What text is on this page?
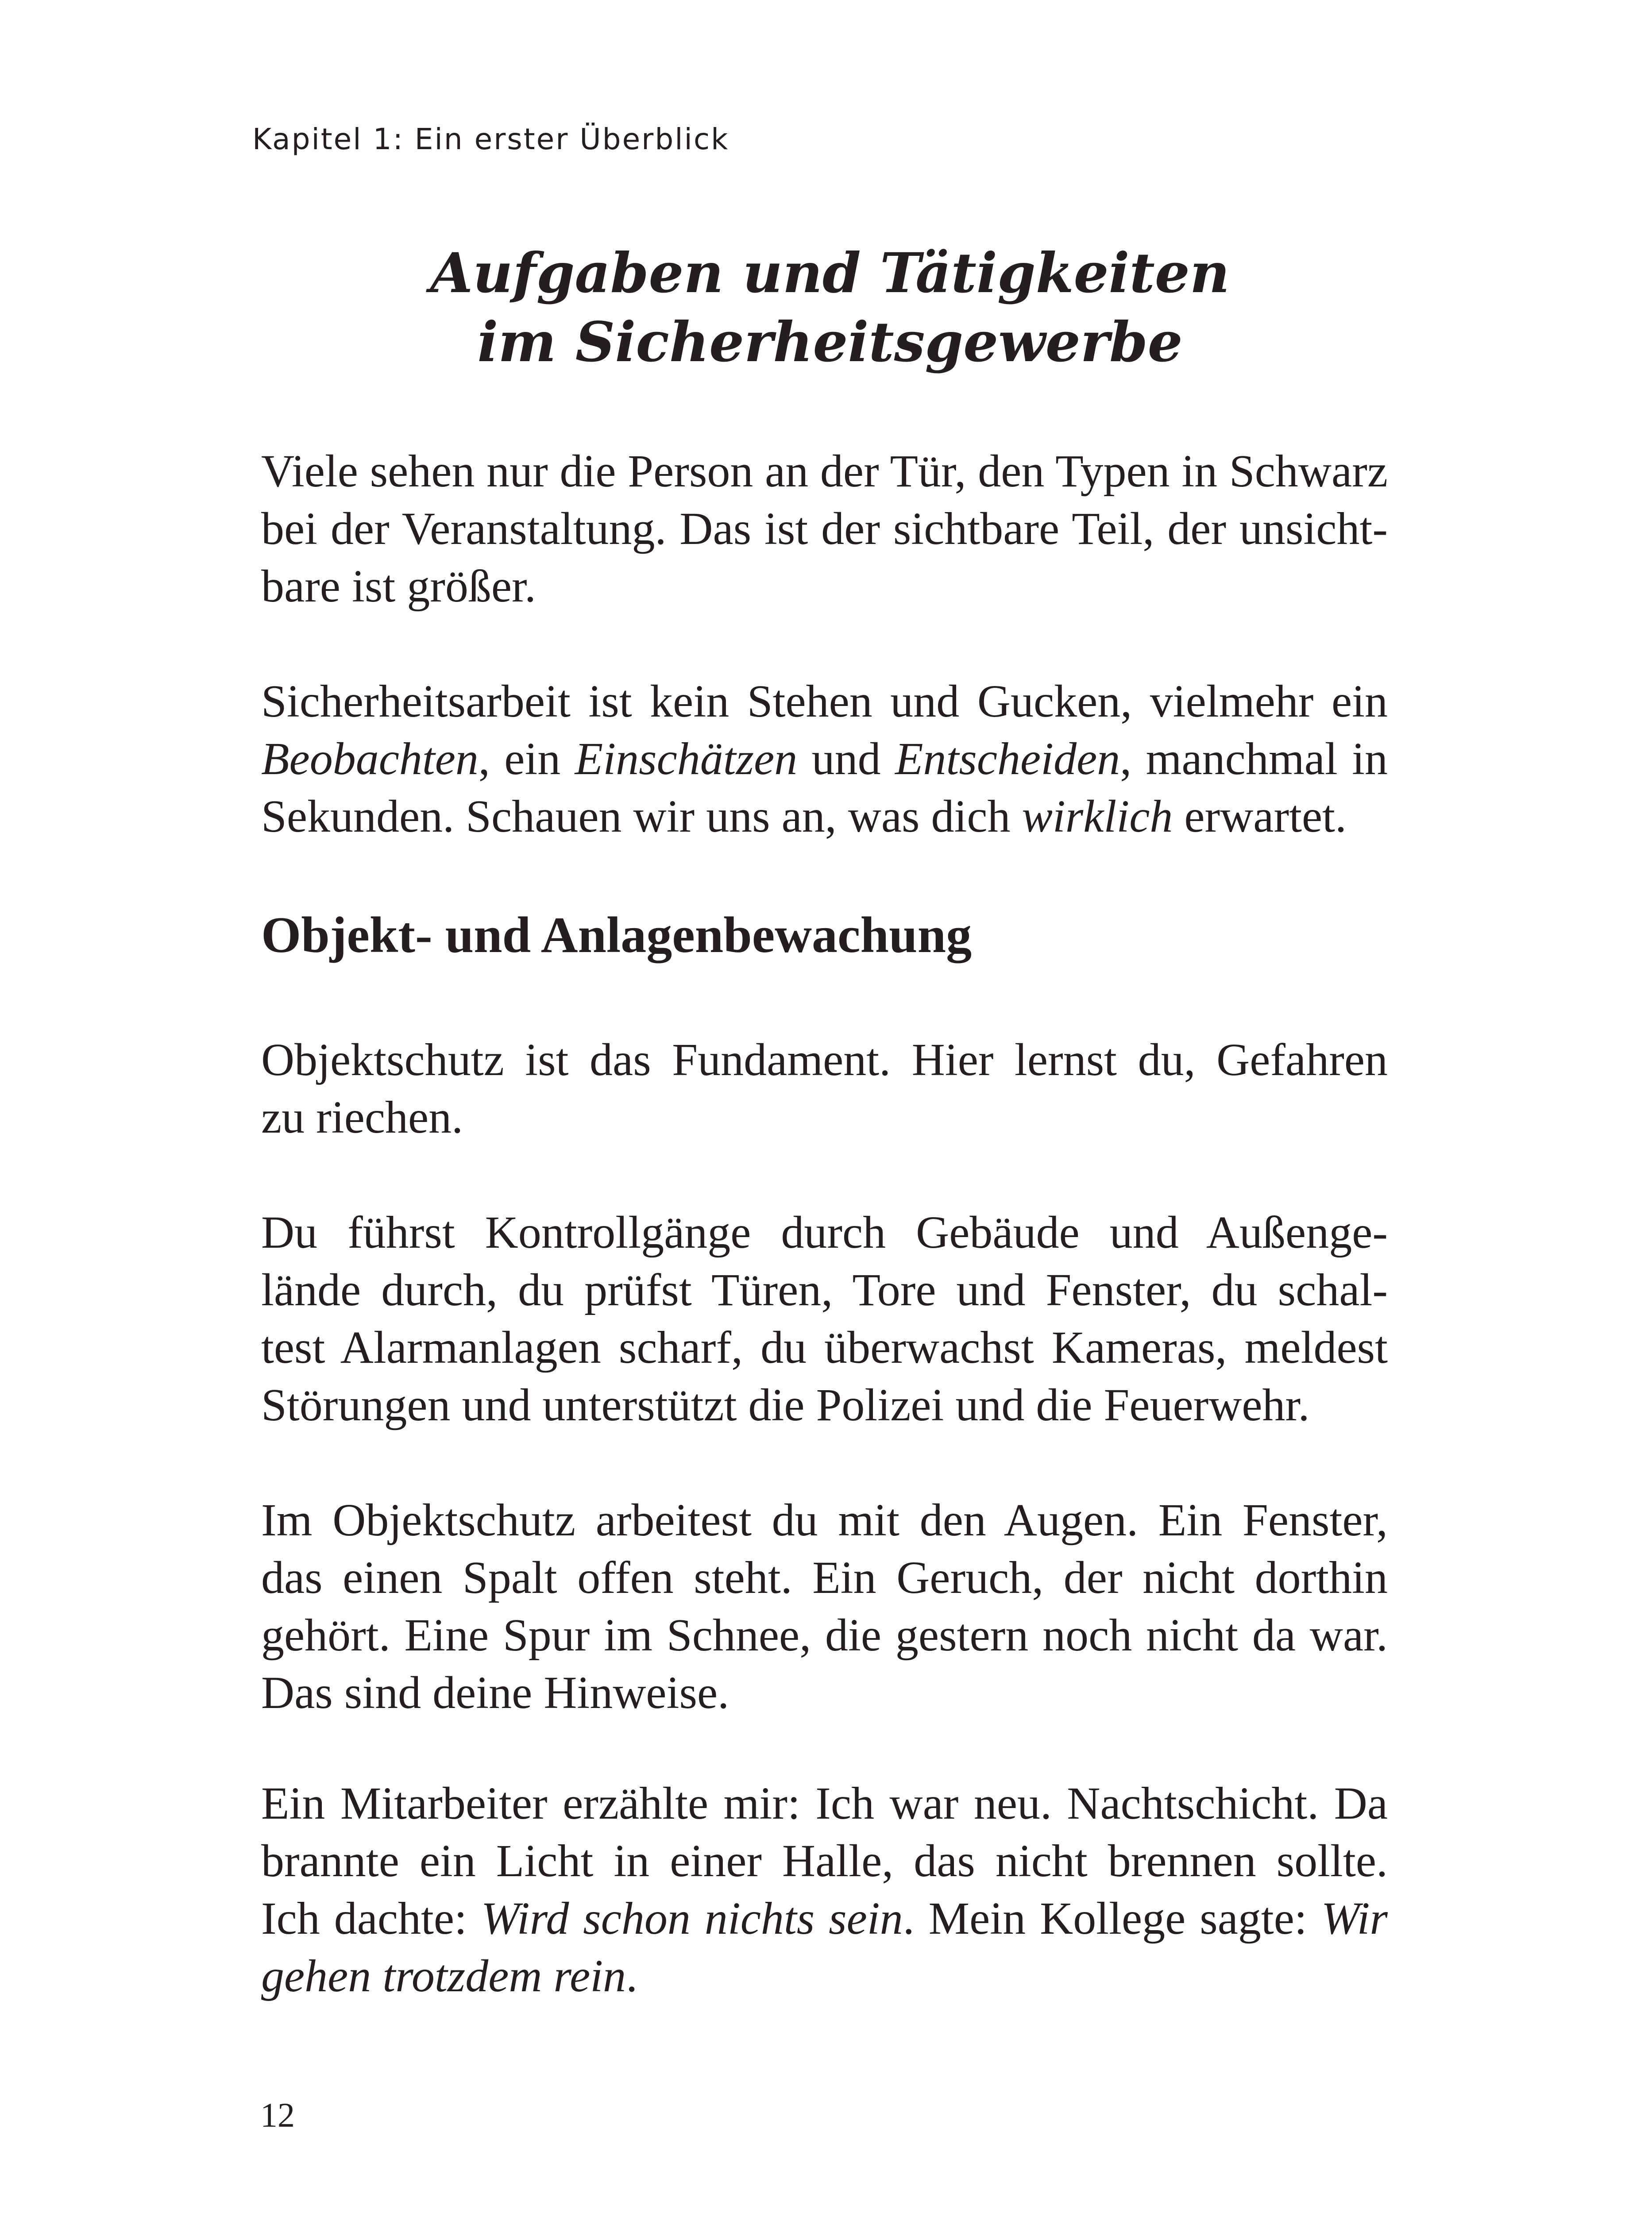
Kapitel 1: Ein erster Überblick
Aufgaben und Tätigkeiten
im Sicherheitsgewerbe

Viele sehen nur die Person an der Tür, den Typen in Schwarz
bei der Veranstaltung. Das ist der sichtbare Teil, der unsicht-
bare ist größer.

Sicherheitsarbeit ist kein Stehen und Gucken, vielmehr ein
Beobachten, ein Einschätzen und Entscheiden, manchmal in
Sekunden. Schauen wir uns an, was dich wirklich erwartet.

Objekt- und Anlagenbewachung

Objektschutz ist das Fundament. Hier lernst du, Gefahren
zu riechen.

Du führst Kontrollgänge durch Gebäude und Außenge-
lände durch, du prüfst Türen, Tore und Fenster, du schal-
test Alarmanlagen scharf, du überwachst Kameras, meldest
Störungen und unterstützt die Polizei und die Feuerwehr.

Im Objektschutz arbeitest du mit den Augen. Ein Fenster,
das einen Spalt offen steht. Ein Geruch, der nicht dorthin
gehört. Eine Spur im Schnee, die gestern noch nicht da war.
Das sind deine Hinweise.

Ein Mitarbeiter erzählte mir: Ich war neu. Nachtschicht. Da
brannte ein Licht in einer Halle, das nicht brennen sollte.
Ich dachte: Wird schon nichts sein. Mein Kollege sagte: Wir
gehen trotzdem rein.

12
